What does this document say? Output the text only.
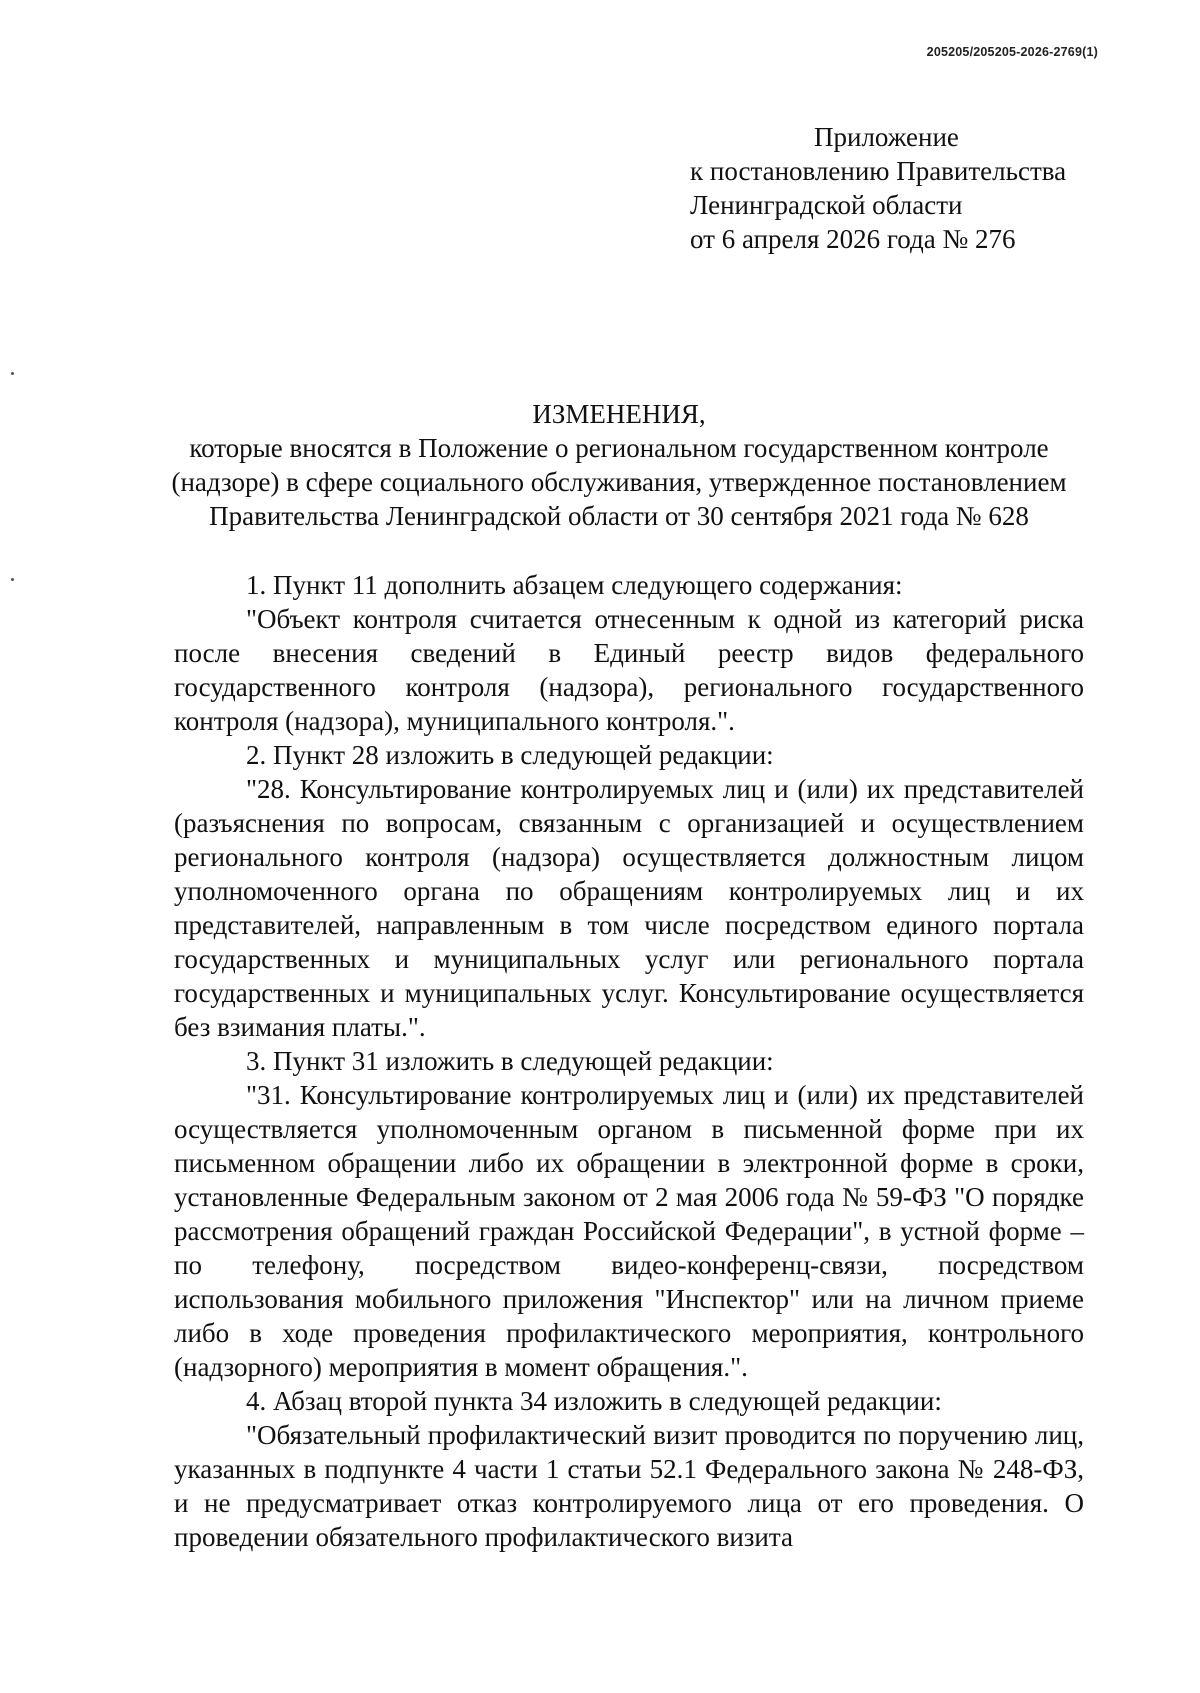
205205/205205-2026-2769(1)
Приложение
к постановлению Правительства
Ленинградской области
от 6 апреля 2026 года № 276
ИЗМЕНЕНИЯ,
которые вносятся в Положение о региональном государственном контроле (надзоре) в сфере социального обслуживания, утвержденное постановлением Правительства Ленинградской области от 30 сентября 2021 года № 628

1. Пункт 11 дополнить абзацем следующего содержания:

"Объект контроля считается отнесенным к одной из категорий риска после внесения сведений в Единый реестр видов федерального государственного контроля (надзора), регионального государственного контроля (надзора), муниципального контроля.".

2. Пункт 28 изложить в следующей редакции:

"28. Консультирование контролируемых лиц и (или) их представителей (разъяснения по вопросам, связанным с организацией и осуществлением регионального контроля (надзора) осуществляется должностным лицом уполномоченного органа по обращениям контролируемых лиц и их представителей, направленным в том числе посредством единого портала государственных и муниципальных услуг или регионального портала государственных и муниципальных услуг. Консультирование осуществляется без взимания платы.".

3. Пункт 31 изложить в следующей редакции:

"31. Консультирование контролируемых лиц и (или) их представителей осуществляется уполномоченным органом в письменной форме при их письменном обращении либо их обращении в электронной форме в сроки, установленные Федеральным законом от 2 мая 2006 года № 59-ФЗ "О порядке рассмотрения обращений граждан Российской Федерации", в устной форме – по телефону, посредством видео-конференц-связи, посредством использования мобильного приложения "Инспектор" или на личном приеме либо в ходе проведения профилактического мероприятия, контрольного (надзорного) мероприятия в момент обращения.".

4. Абзац второй пункта 34 изложить в следующей редакции:

"Обязательный профилактический визит проводится по поручению лиц, указанных в подпункте 4 части 1 статьи 52.1 Федерального закона № 248-ФЗ, и не предусматривает отказ контролируемого лица от его проведения. О проведении обязательного профилактического визита
